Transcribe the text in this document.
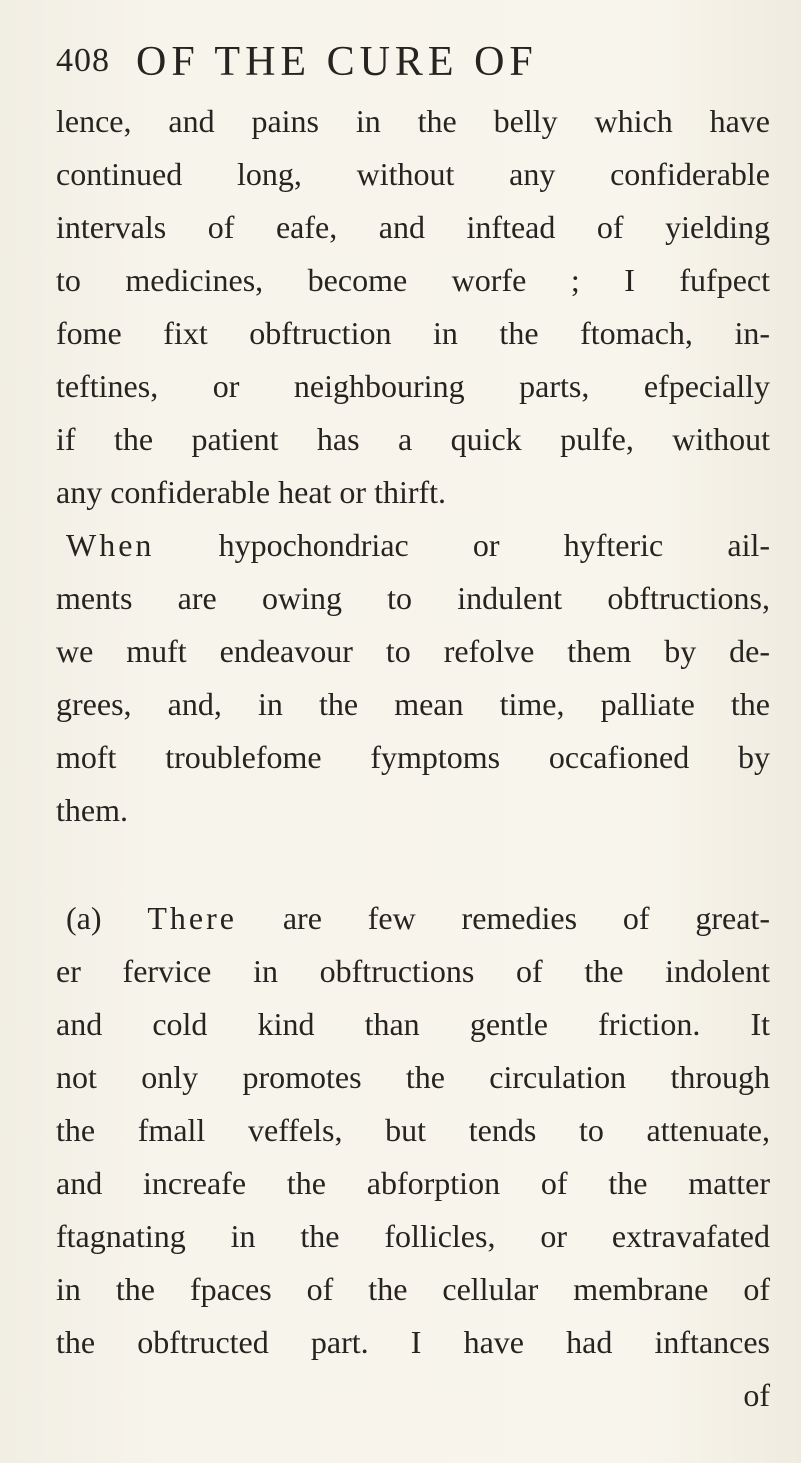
408 OF THE CURE OF
lence, and pains in the belly which have
continued long, without any confiderable
intervals of eafe, and inftead of yielding
to medicines, become worfe ; I fufpect
fome fixt obftruction in the ftomach, in-
teftines, or neighbouring parts, efpecially
if the patient has a quick pulfe, without
any confiderable heat or thirft.
When hypochondriac or hyfteric ail-
ments are owing to indulent obftructions,
we muft endeavour to refolve them by de-
grees, and, in the mean time, palliate the
moft troublefome fymptoms occafioned by
them.
(a) There are few remedies of great-
er fervice in obftructions of the indolent
and cold kind than gentle friction. It
not only promotes the circulation through
the fmall veffels, but tends to attenuate,
and increafe the abforption of the matter
ftagnating in the follicles, or extravafated
in the fpaces of the cellular membrane of
the obftructed part. I have had inftances
of
